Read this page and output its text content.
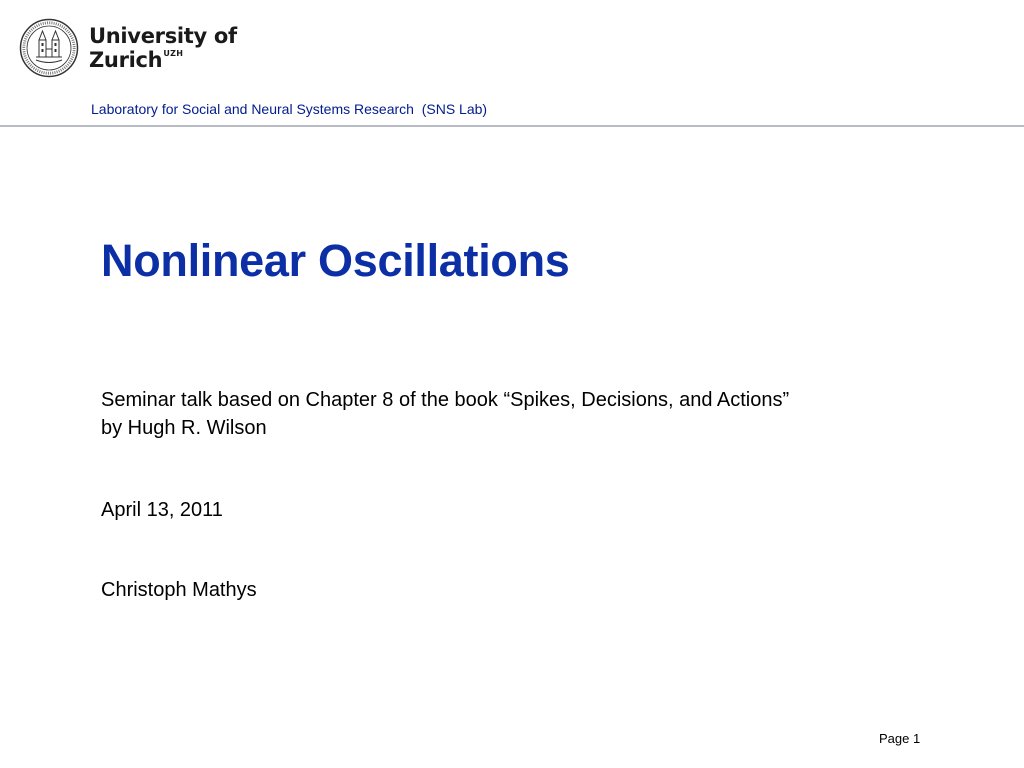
University of
Zurich$^{UZH}$
Laboratory for Social and Neural Systems Research  (SNS Lab)
Nonlinear Oscillations
Seminar talk based on Chapter 8 of the book “Spikes, Decisions, and Actions”
by Hugh R. Wilson
April 13, 2011
Christoph Mathys
Page 1
